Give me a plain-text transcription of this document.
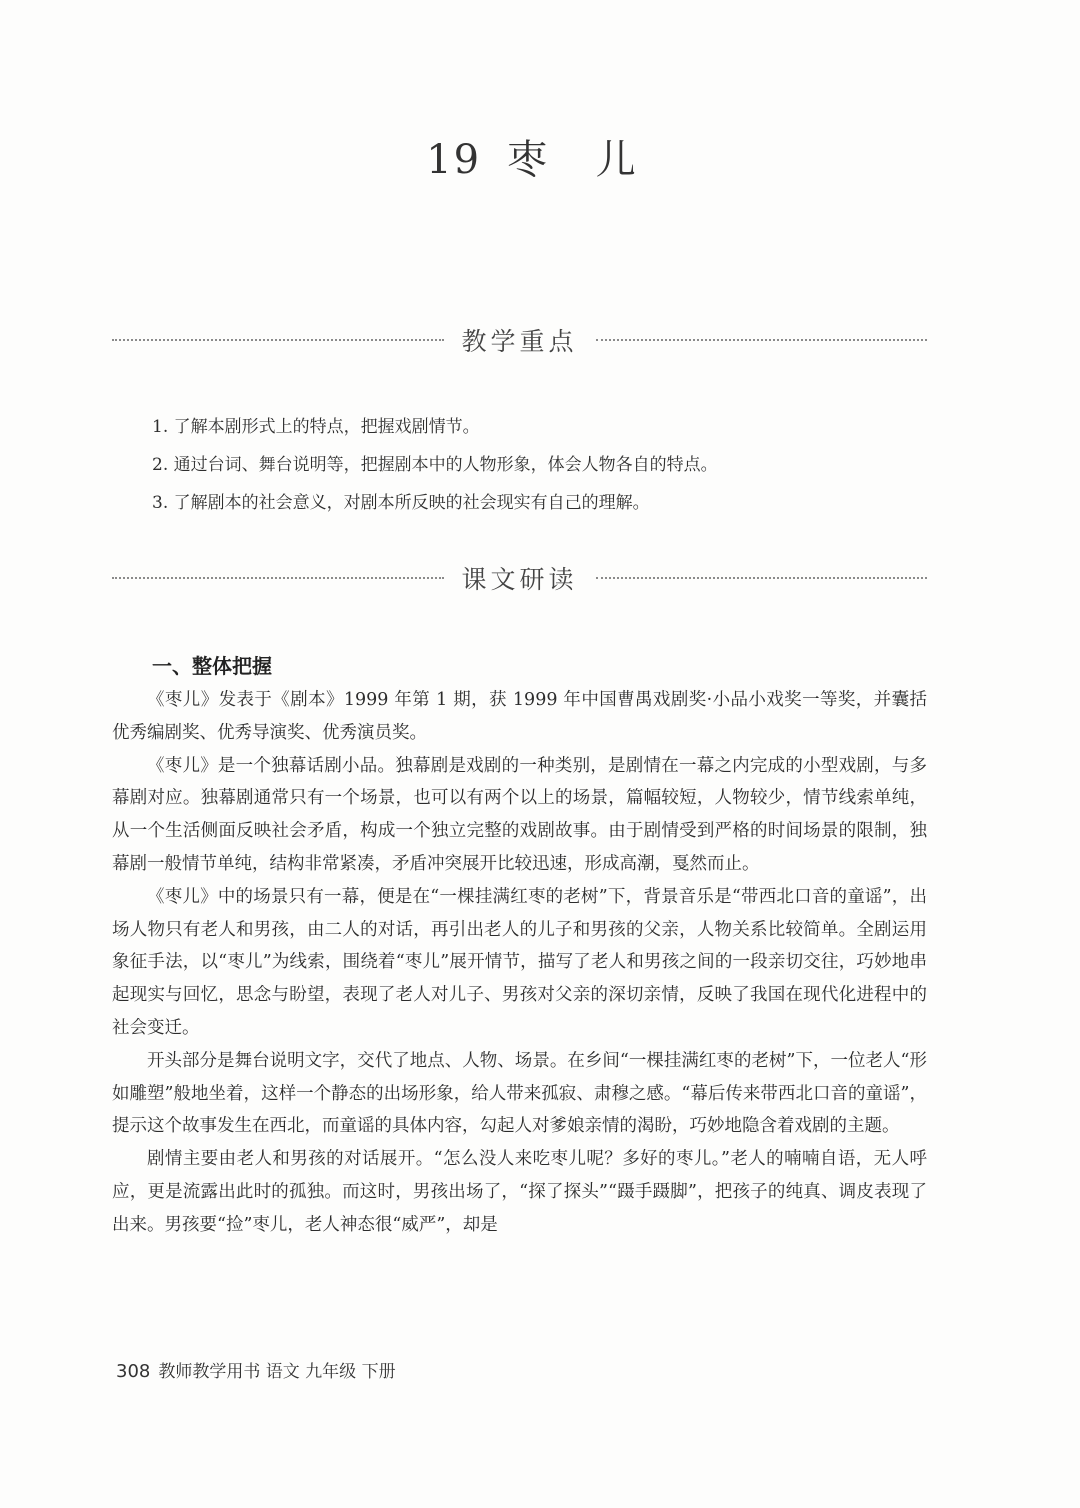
19 枣 儿
教学重点
1. 了解本剧形式上的特点，把握戏剧情节。
2. 通过台词、舞台说明等，把握剧本中的人物形象，体会人物各自的特点。
3. 了解剧本的社会意义，对剧本所反映的社会现实有自己的理解。
课文研读
一、整体把握

《枣儿》发表于《剧本》1999 年第 1 期，获 1999 年中国曹禺戏剧奖·小品小戏奖一等奖，并囊括优秀编剧奖、优秀导演奖、优秀演员奖。

《枣儿》是一个独幕话剧小品。独幕剧是戏剧的一种类别，是剧情在一幕之内完成的小型戏剧，与多幕剧对应。独幕剧通常只有一个场景，也可以有两个以上的场景，篇幅较短，人物较少，情节线索单纯，从一个生活侧面反映社会矛盾，构成一个独立完整的戏剧故事。由于剧情受到严格的时间场景的限制，独幕剧一般情节单纯，结构非常紧凑，矛盾冲突展开比较迅速，形成高潮，戛然而止。

《枣儿》中的场景只有一幕，便是在“一棵挂满红枣的老树”下，背景音乐是“带西北口音的童谣”，出场人物只有老人和男孩，由二人的对话，再引出老人的儿子和男孩的父亲，人物关系比较简单。全剧运用象征手法，以“枣儿”为线索，围绕着“枣儿”展开情节，描写了老人和男孩之间的一段亲切交往，巧妙地串起现实与回忆，思念与盼望，表现了老人对儿子、男孩对父亲的深切亲情，反映了我国在现代化进程中的社会变迁。

开头部分是舞台说明文字，交代了地点、人物、场景。在乡间“一棵挂满红枣的老树”下，一位老人“形如雕塑”般地坐着，这样一个静态的出场形象，给人带来孤寂、肃穆之感。“幕后传来带西北口音的童谣”，提示这个故事发生在西北，而童谣的具体内容，勾起人对爹娘亲情的渴盼，巧妙地隐含着戏剧的主题。

剧情主要由老人和男孩的对话展开。“怎么没人来吃枣儿呢？多好的枣儿。”老人的喃喃自语，无人呼应，更是流露出此时的孤独。而这时，男孩出场了，“探了探头”“蹑手蹑脚”，把孩子的纯真、调皮表现了出来。男孩要“捡”枣儿，老人神态很“威严”，却是

308 教师教学用书 语文 九年级 下册
